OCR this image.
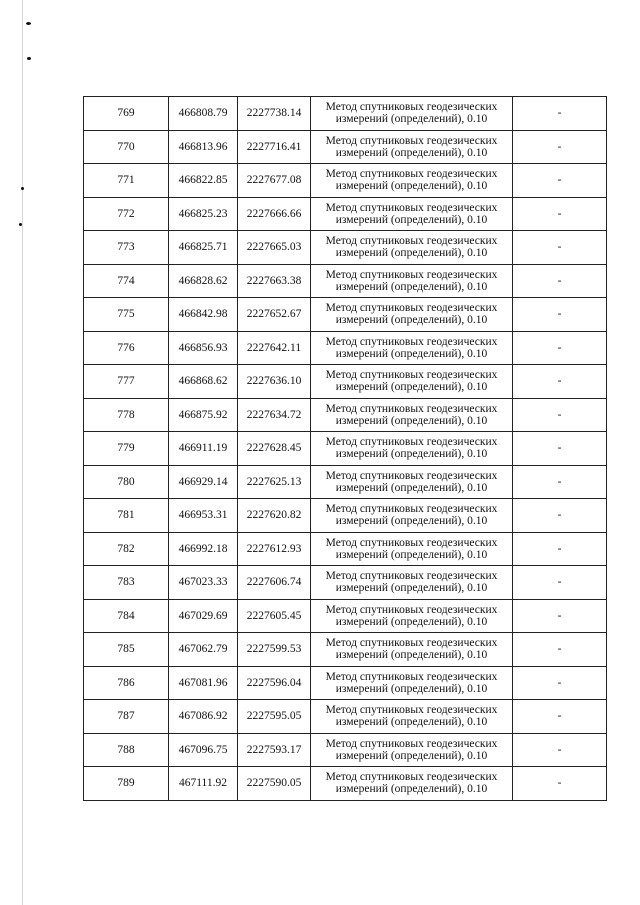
769	466808.79	2227738.14	Метод спутниковых геодезических
измерений (определений), 0.10	-
770	466813.96	2227716.41	Метод спутниковых геодезических
измерений (определений), 0.10	-
771	466822.85	2227677.08	Метод спутниковых геодезических
измерений (определений), 0.10	-
772	466825.23	2227666.66	Метод спутниковых геодезических
измерений (определений), 0.10	-
773	466825.71	2227665.03	Метод спутниковых геодезических
измерений (определений), 0.10	-
774	466828.62	2227663.38	Метод спутниковых геодезических
измерений (определений), 0.10	-
775	466842.98	2227652.67	Метод спутниковых геодезических
измерений (определений), 0.10	-
776	466856.93	2227642.11	Метод спутниковых геодезических
измерений (определений), 0.10	-
777	466868.62	2227636.10	Метод спутниковых геодезических
измерений (определений), 0.10	-
778	466875.92	2227634.72	Метод спутниковых геодезических
измерений (определений), 0.10	-
779	466911.19	2227628.45	Метод спутниковых геодезических
измерений (определений), 0.10	-
780	466929.14	2227625.13	Метод спутниковых геодезических
измерений (определений), 0.10	-
781	466953.31	2227620.82	Метод спутниковых геодезических
измерений (определений), 0.10	-
782	466992.18	2227612.93	Метод спутниковых геодезических
измерений (определений), 0.10	-
783	467023.33	2227606.74	Метод спутниковых геодезических
измерений (определений), 0.10	-
784	467029.69	2227605.45	Метод спутниковых геодезических
измерений (определений), 0.10	-
785	467062.79	2227599.53	Метод спутниковых геодезических
измерений (определений), 0.10	-
786	467081.96	2227596.04	Метод спутниковых геодезических
измерений (определений), 0.10	-
787	467086.92	2227595.05	Метод спутниковых геодезических
измерений (определений), 0.10	-
788	467096.75	2227593.17	Метод спутниковых геодезических
измерений (определений), 0.10	-
789	467111.92	2227590.05	Метод спутниковых геодезических
измерений (определений), 0.10	-
